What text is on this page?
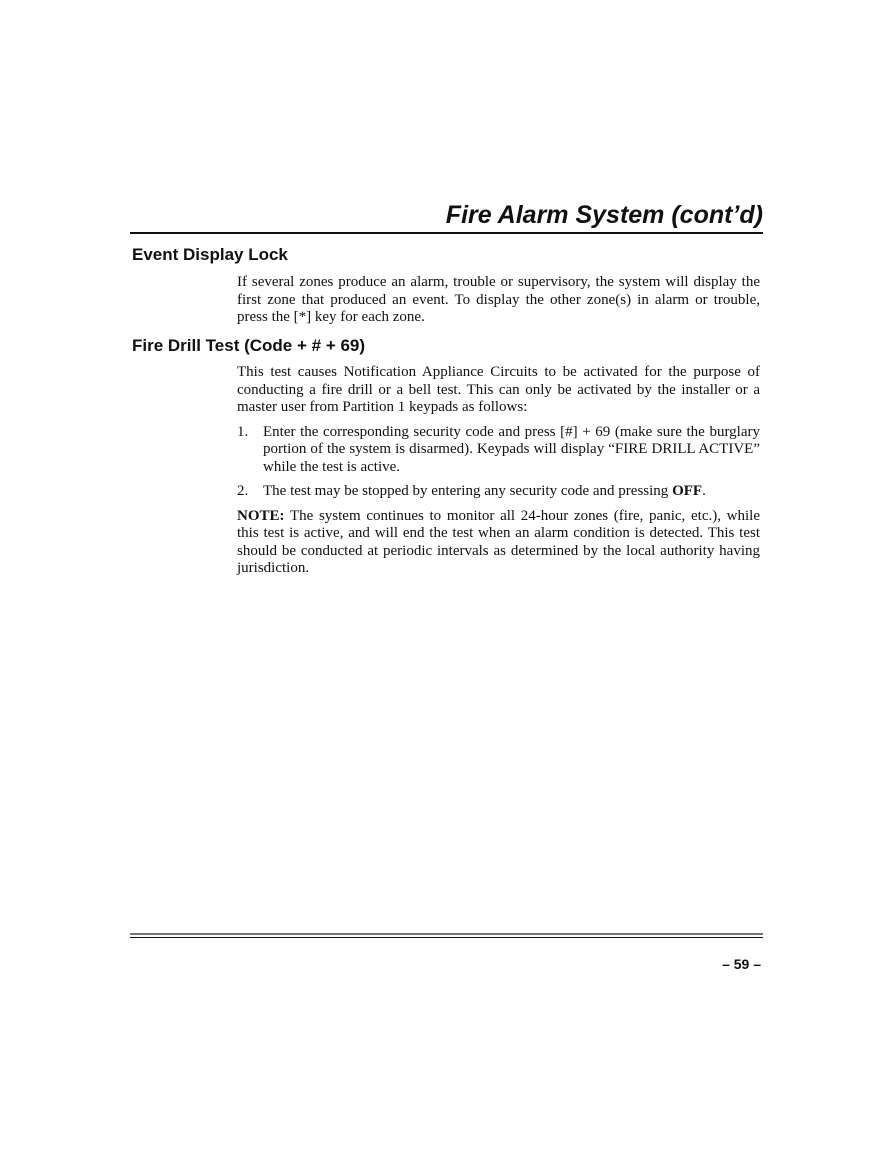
Fire Alarm System (cont’d)
Event Display Lock

If several zones produce an alarm, trouble or supervisory, the system will display the first zone that produced an event. To display the other zone(s) in alarm or trouble, press the [*] key for each zone.

Fire Drill Test (Code + # + 69)

This test causes Notification Appliance Circuits to be activated for the purpose of conducting a fire drill or a bell test. This can only be activated by the installer or a master user from Partition 1 keypads as follows:

1. Enter the corresponding security code and press [#] + 69 (make sure the burglary portion of the system is disarmed). Keypads will display “FIRE DRILL ACTIVE” while the test is active.
2. The test may be stopped by entering any security code and pressing OFF.

NOTE: The system continues to monitor all 24-hour zones (fire, panic, etc.), while this test is active, and will end the test when an alarm condition is detected. This test should be conducted at periodic intervals as determined by the local authority having jurisdiction.

– 59 –
